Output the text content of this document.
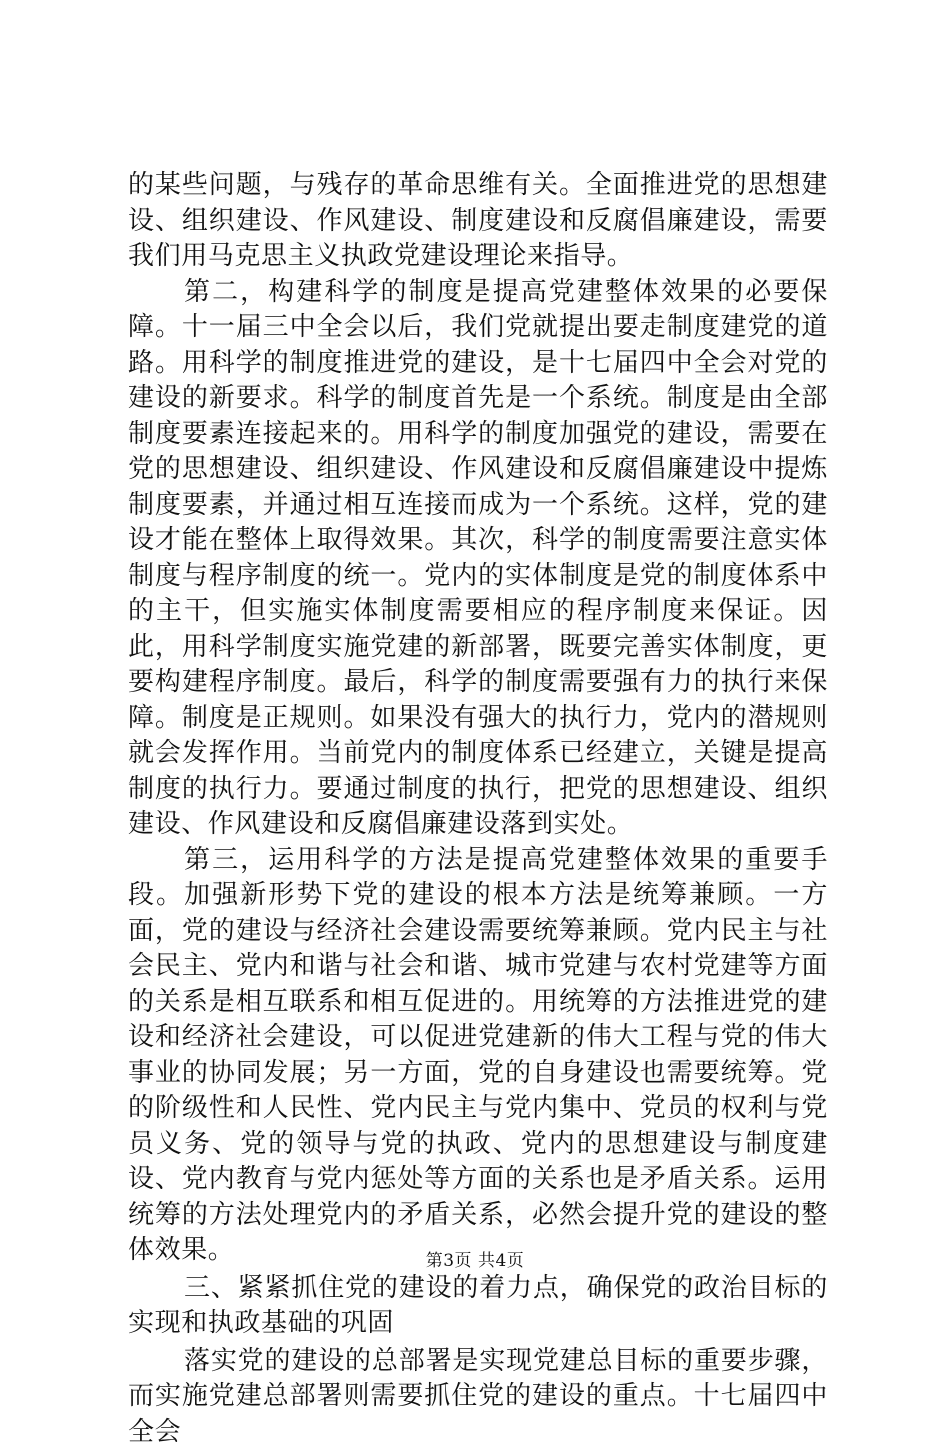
的某些问题，与残存的革命思维有关。全面推进党的思想建设、组织建设、作风建设、制度建设和反腐倡廉建设，需要我们用马克思主义执政党建设理论来指导。

第二，构建科学的制度是提高党建整体效果的必要保障。十一届三中全会以后，我们党就提出要走制度建党的道路。用科学的制度推进党的建设，是十七届四中全会对党的建设的新要求。科学的制度首先是一个系统。制度是由全部制度要素连接起来的。用科学的制度加强党的建设，需要在党的思想建设、组织建设、作风建设和反腐倡廉建设中提炼制度要素，并通过相互连接而成为一个系统。这样，党的建设才能在整体上取得效果。其次，科学的制度需要注意实体制度与程序制度的统一。党内的实体制度是党的制度体系中的主干，但实施实体制度需要相应的程序制度来保证。因此，用科学制度实施党建的新部署，既要完善实体制度，更要构建程序制度。最后，科学的制度需要强有力的执行来保障。制度是正规则。如果没有强大的执行力，党内的潜规则就会发挥作用。当前党内的制度体系已经建立，关键是提高制度的执行力。要通过制度的执行，把党的思想建设、组织建设、作风建设和反腐倡廉建设落到实处。

第三，运用科学的方法是提高党建整体效果的重要手段。加强新形势下党的建设的根本方法是统筹兼顾。一方面，党的建设与经济社会建设需要统筹兼顾。党内民主与社会民主、党内和谐与社会和谐、城市党建与农村党建等方面的关系是相互联系和相互促进的。用统筹的方法推进党的建设和经济社会建设，可以促进党建新的伟大工程与党的伟大事业的协同发展；另一方面，党的自身建设也需要统筹。党的阶级性和人民性、党内民主与党内集中、党员的权利与党员义务、党的领导与党的执政、党内的思想建设与制度建设、党内教育与党内惩处等方面的关系也是矛盾关系。运用统筹的方法处理党内的矛盾关系，必然会提升党的建设的整体效果。

三、紧紧抓住党的建设的着力点，确保党的政治目标的实现和执政基础的巩固

落实党的建设的总部署是实现党建总目标的重要步骤，而实施党建总部署则需要抓住党的建设的重点。十七届四中全会

第3页 共4页
